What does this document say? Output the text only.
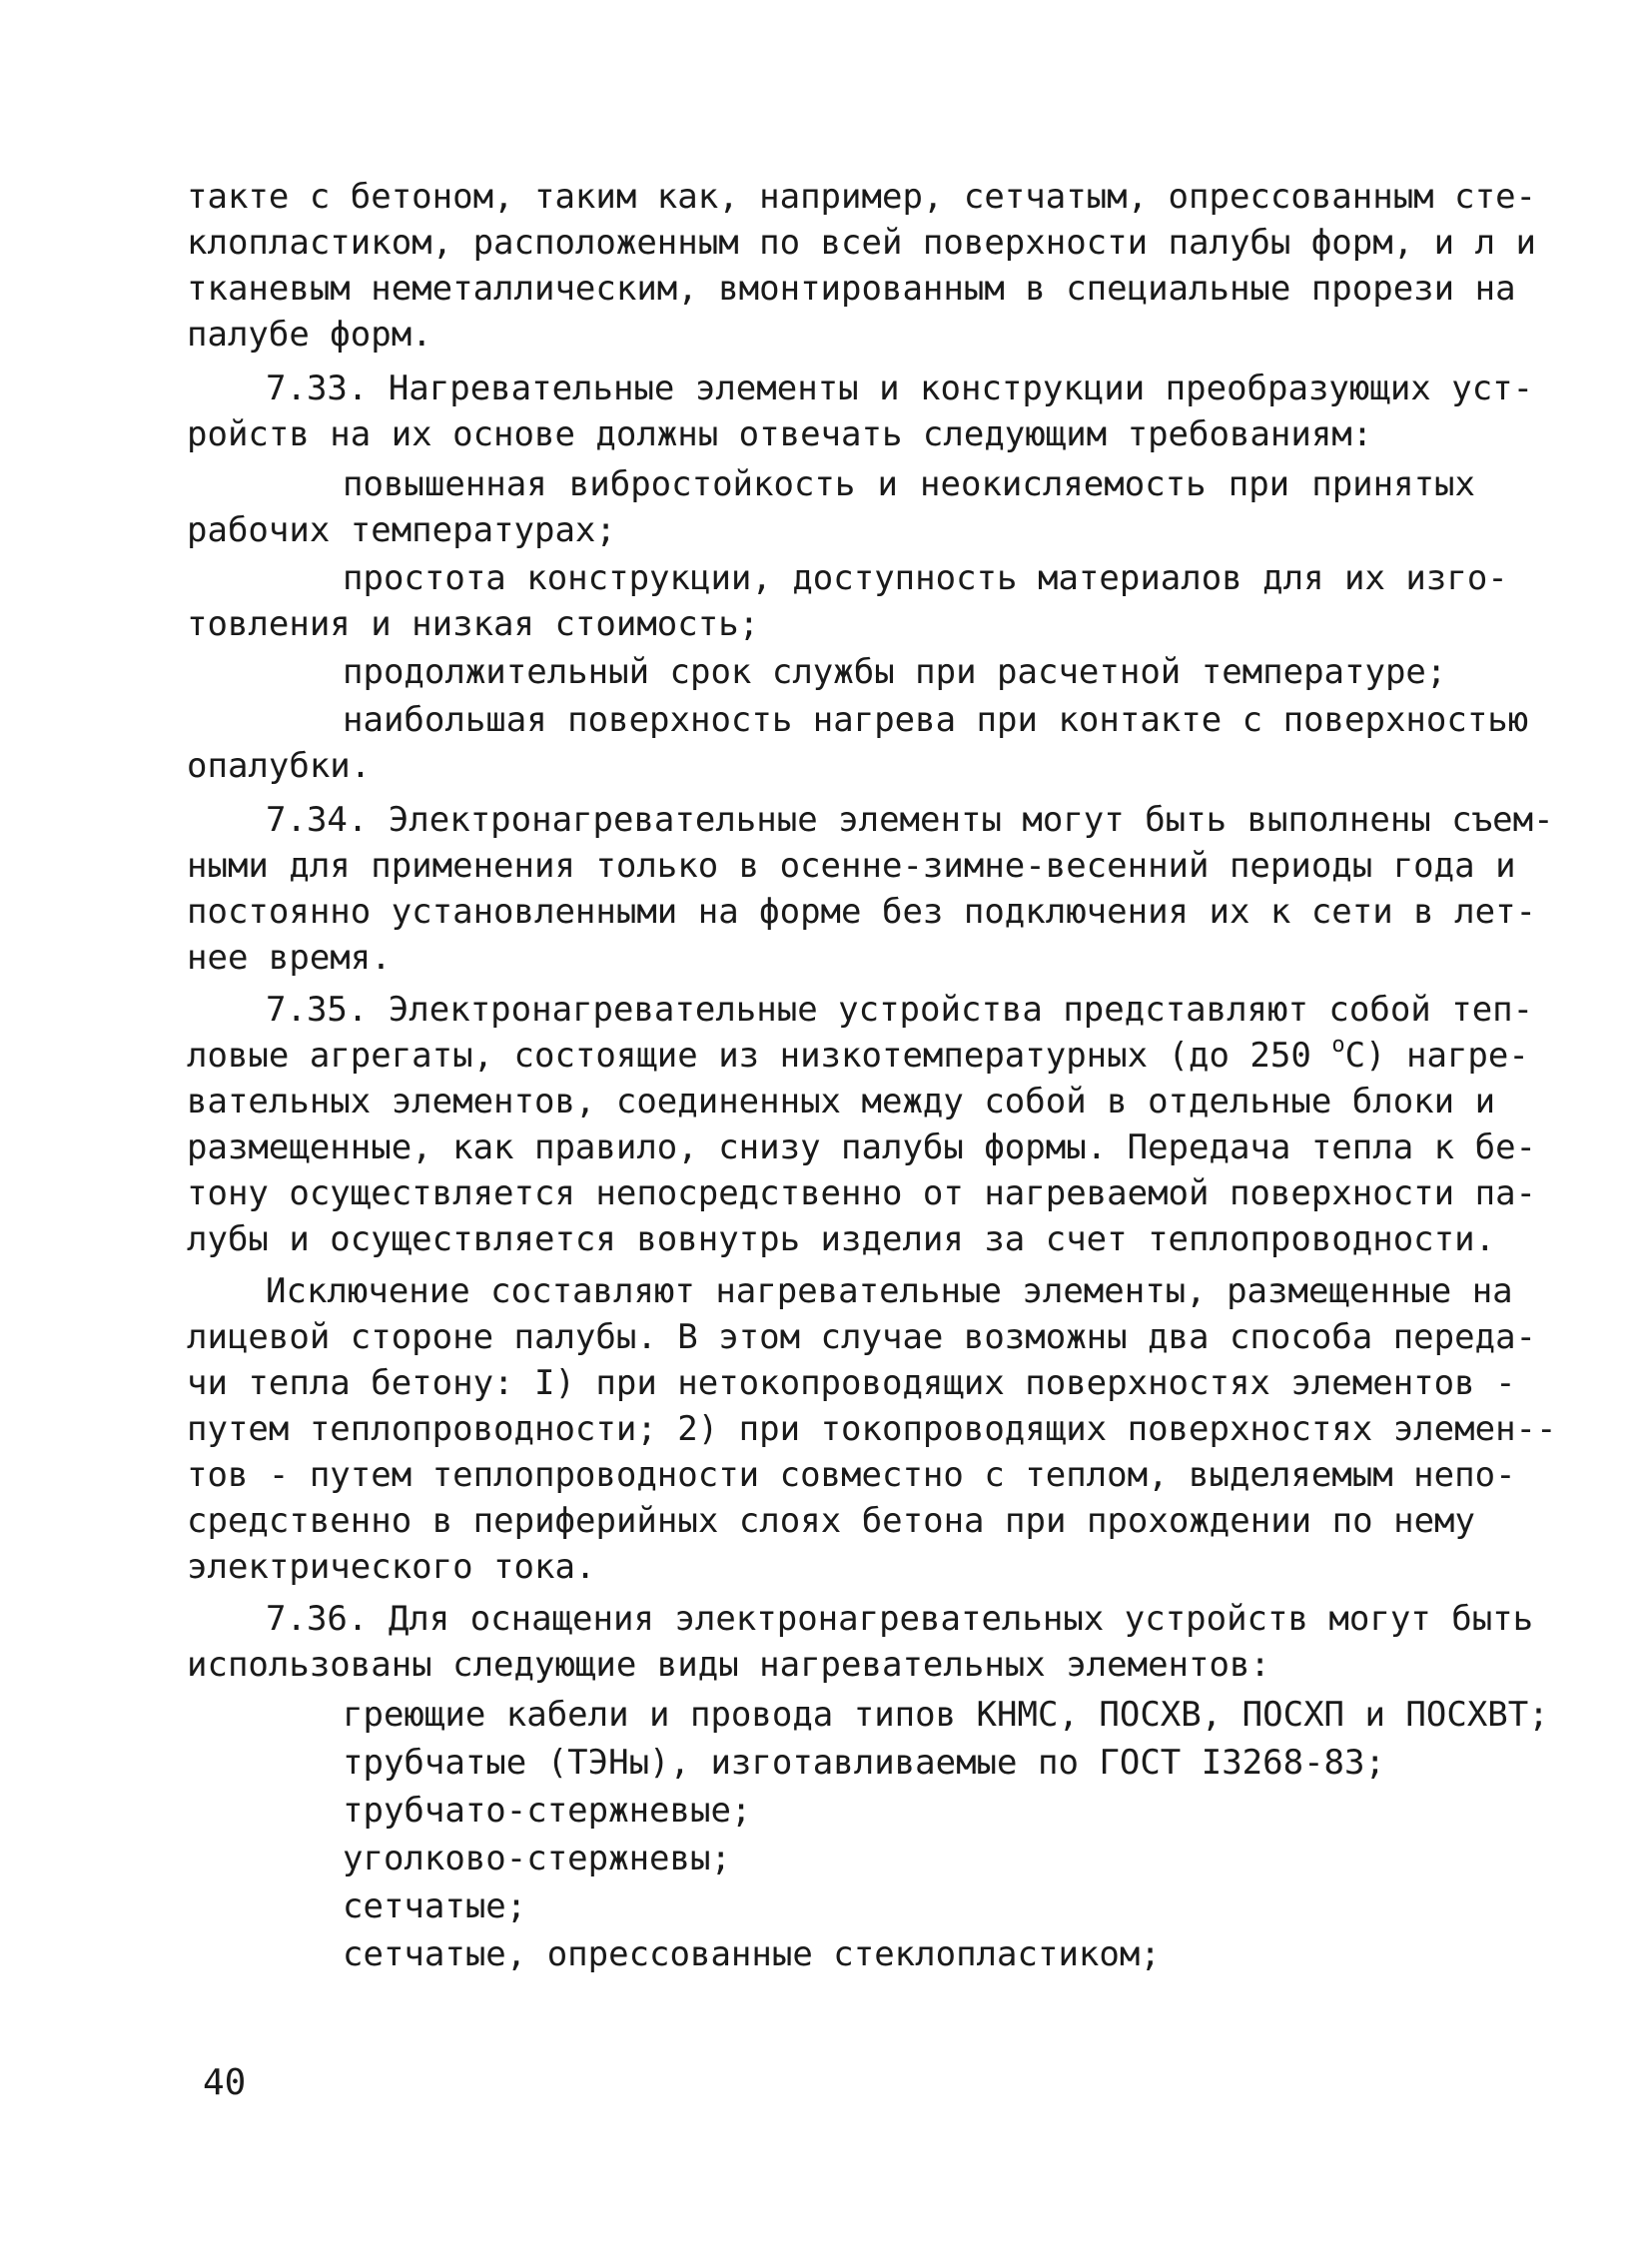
такте с бетоном, таким как, например, сетчатым, опрессованным сте-

клопластиком, расположенным по всей поверхности палубы форм, и л и

тканевым неметаллическим, вмонтированным в специальные прорези на

палубе форм.

7.33. Нагревательные элементы и конструкции преобразующих уст-

ройств на их основе должны отвечать следующим требованиям:

повышенная вибростойкость и неокисляемость при принятых

рабочих температурах;

простота конструкции, доступность материалов для их изго-

товления и низкая стоимость;

продолжительный срок службы при расчетной температуре;

наибольшая поверхность нагрева при контакте с поверхностью

опалубки.

7.34. Электронагревательные элементы могут быть выполнены съем-

ными для применения только в осенне-зимне-весенний периоды года и

постоянно установленными на форме без подключения их к сети в лет-

нее время.

7.35. Электронагревательные устройства представляют собой теп-

ловые агрегаты, состоящие из низкотемпературных (до 250 $^o$С) нагре-

вательных элементов, соединенных между собой в отдельные блоки и

размещенные, как правило, снизу палубы формы. Передача тепла к бе-

тону осуществляется непосредственно от нагреваемой поверхности па-

лубы и осуществляется вовнутрь изделия за счет теплопроводности.

Исключение составляют нагревательные элементы, размещенные на

лицевой стороне палубы. В этом случае возможны два способа переда-

чи тепла бетону: I) при нетокопроводящих поверхностях элементов -

путем теплопроводности; 2) при токопроводящих поверхностях элемен--

тов - путем теплопроводности совместно с теплом, выделяемым непо-

средственно в периферийных слоях бетона при прохождении по нему

электрического тока.

7.36. Для оснащения электронагревательных устройств могут быть

использованы следующие виды нагревательных элементов:

греющие кабели и провода типов КНМС, ПОСХВ, ПОСХП и ПОСХВТ;

трубчатые (ТЭНы), изготавливаемые по ГОСТ I3268-83;

трубчато-стержневые;

уголково-стержневы;

сетчатые;

сетчатые, опрессованные стеклопластиком;

40
